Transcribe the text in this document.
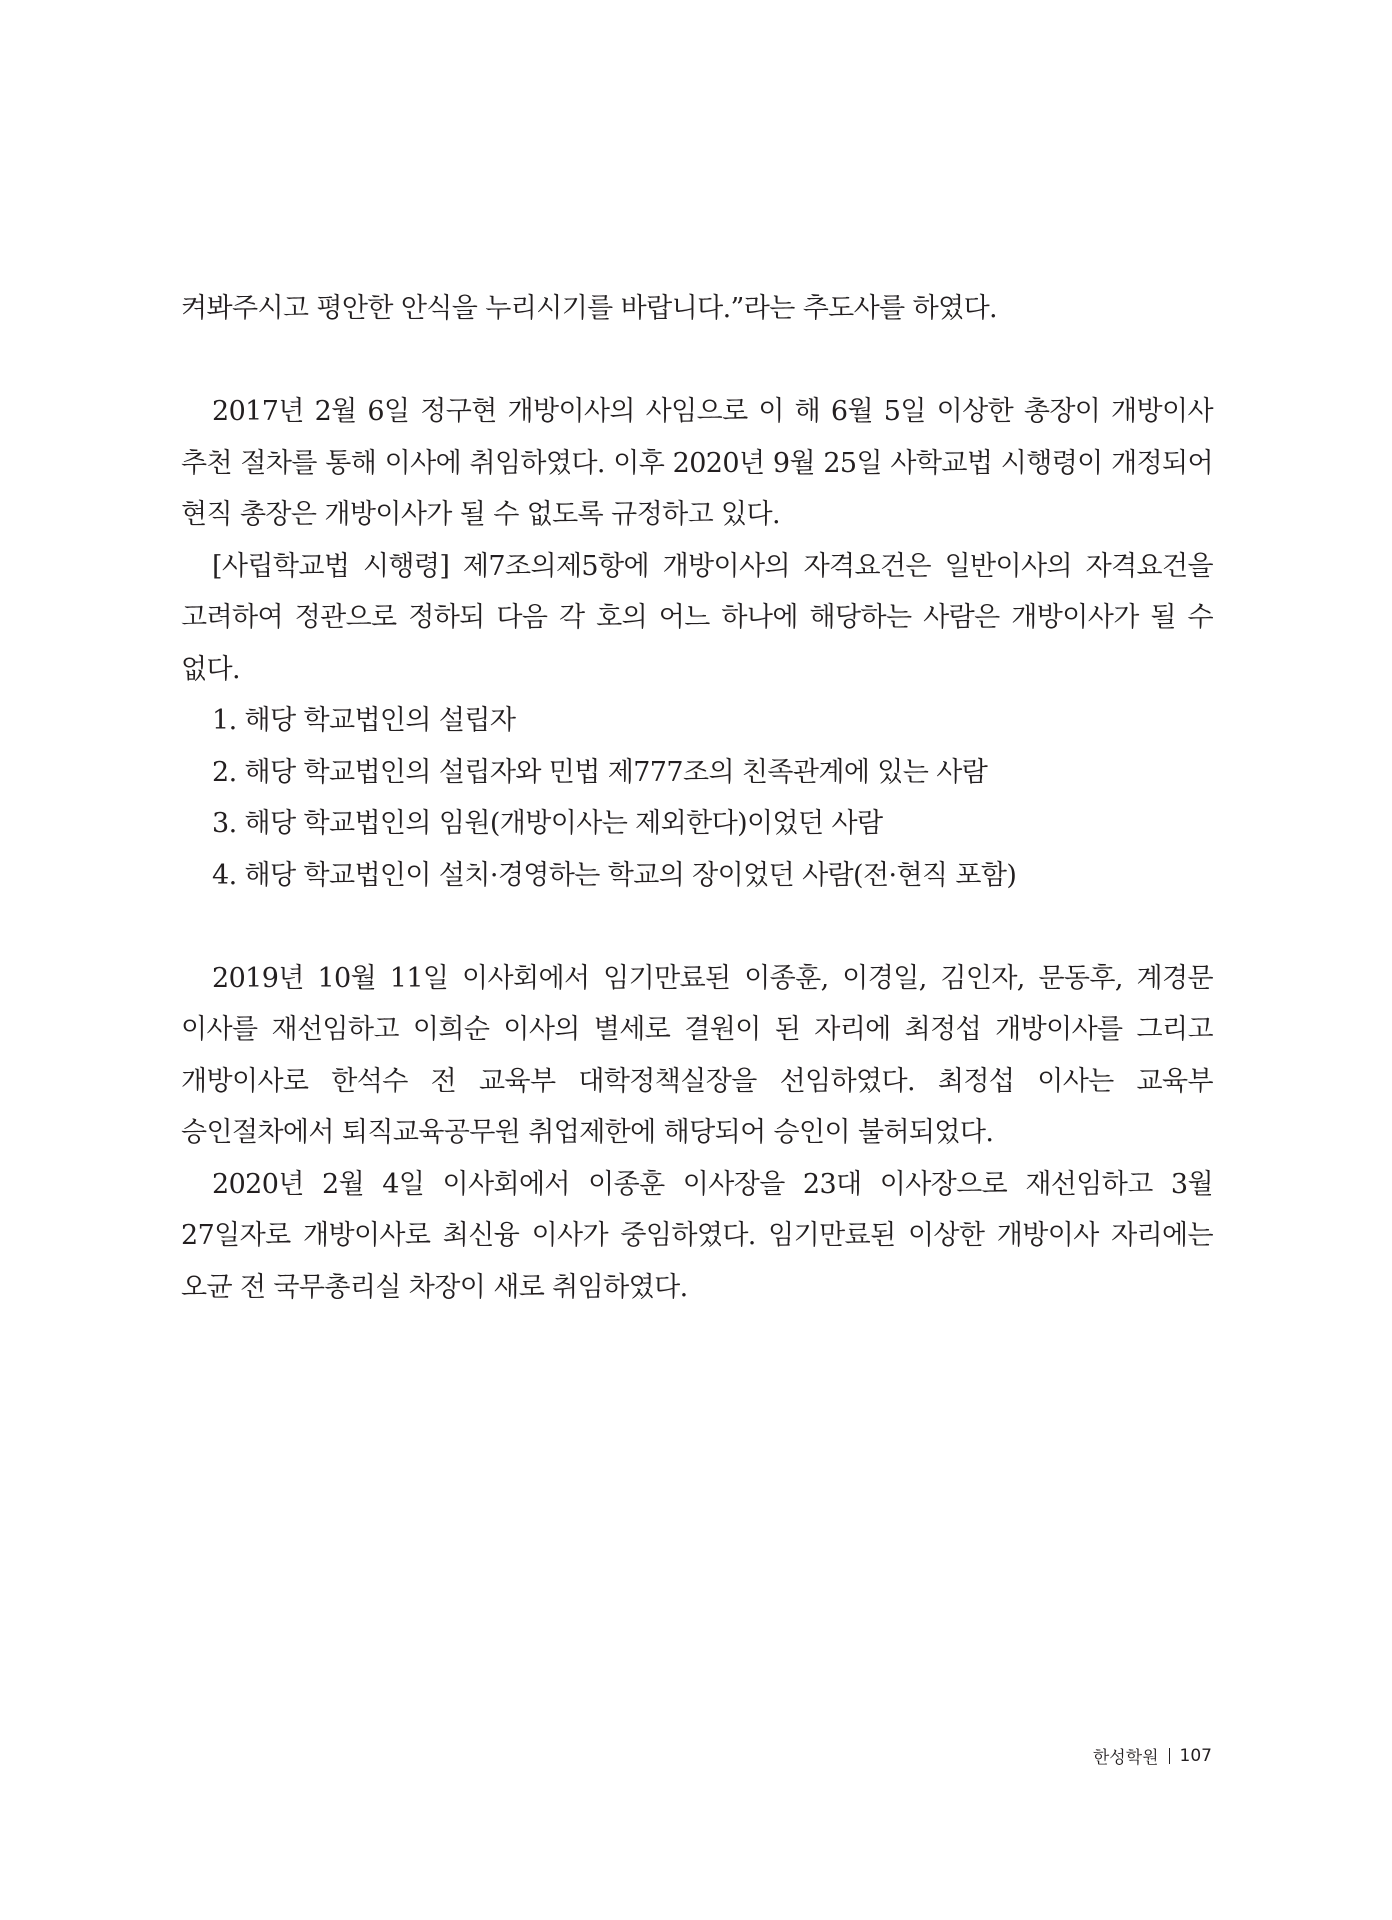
켜봐주시고 평안한 안식을 누리시기를 바랍니다.”라는 추도사를 하였다.

2017년 2월 6일 정구현 개방이사의 사임으로 이 해 6월 5일 이상한 총장이 개방이사 추천 절차를 통해 이사에 취임하였다. 이후 2020년 9월 25일 사학교법 시행령이 개정되어 현직 총장은 개방이사가 될 수 없도록 규정하고 있다.

[사립학교법 시행령] 제7조의제5항에 개방이사의 자격요건은 일반이사의 자격요건을 고려하여 정관으로 정하되 다음 각 호의 어느 하나에 해당하는 사람은 개방이사가 될 수 없다.

1. 해당 학교법인의 설립자

2. 해당 학교법인의 설립자와 민법 제777조의 친족관계에 있는 사람

3. 해당 학교법인의 임원(개방이사는 제외한다)이었던 사람

4. 해당 학교법인이 설치·경영하는 학교의 장이었던 사람(전·현직 포함)

2019년 10월 11일 이사회에서 임기만료된 이종훈, 이경일, 김인자, 문동후, 계경문 이사를 재선임하고 이희순 이사의 별세로 결원이 된 자리에 최정섭 개방이사를 그리고 개방이사로 한석수 전 교육부 대학정책실장을 선임하였다. 최정섭 이사는 교육부 승인절차에서 퇴직교육공무원 취업제한에 해당되어 승인이 불허되었다.

2020년 2월 4일 이사회에서 이종훈 이사장을 23대 이사장으로 재선임하고 3월 27일자로 개방이사로 최신융 이사가 중임하였다. 임기만료된 이상한 개방이사 자리에는 오균 전 국무총리실 차장이 새로 취임하였다.

한성학원 107
